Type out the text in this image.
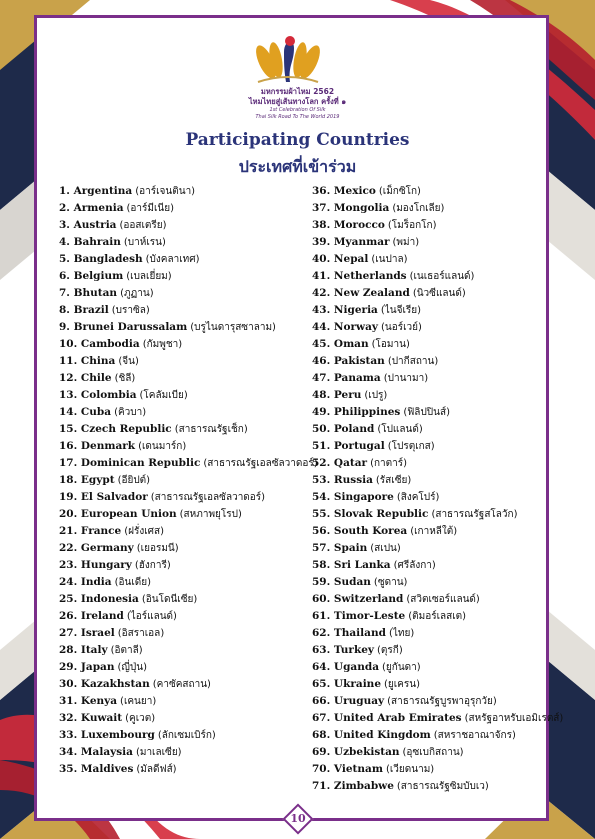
มหกรรมผ้าไหม 2562
ไหมไทยสู่เส้นทางโลก ครั้งที่ ๑
1st Celebration Of Silk
Thai Silk Road To The World 2019
Participating Countries
ประเทศที่เข้าร่วม
1. Argentina (อาร์เจนตินา)
2. Armenia (อาร์มีเนีย)
3. Austria (ออสเตรีย)
4. Bahrain (บาห์เรน)
5. Bangladesh (บังคลาเทศ)
6. Belgium (เบลเยี่ยม)
7. Bhutan (ภูฏาน)
8. Brazil (บราซิล)
9. Brunei Darussalam (บรูไนดารุสซาลาม)
10. Cambodia (กัมพูชา)
11. China (จีน)
12. Chile (ชิลี)
13. Colombia (โคลัมเบีย)
14. Cuba (คิวบา)
15. Czech Republic (สาธารณรัฐเช็ก)
16. Denmark (เดนมาร์ก)
17. Dominican Republic (สาธารณรัฐเอลซัลวาดอร์)
18. Egypt (อียิปต์)
19. El Salvador (สาธารณรัฐเอลซัลวาดอร์)
20. European Union (สหภาพยุโรป)
21. France (ฝรั่งเศส)
22. Germany (เยอรมนี)
23. Hungary (ฮังการี)
24. India (อินเดีย)
25. Indonesia (อินโดนีเซีย)
26. Ireland (ไอร์แลนด์)
27. Israel (อิสราเอล)
28. Italy (อิตาลี)
29. Japan (ญี่ปุ่น)
30. Kazakhstan (คาซัคสถาน)
31. Kenya (เคนยา)
32. Kuwait (คูเวต)
33. Luxembourg (ลักเซมเบิร์ก)
34. Malaysia (มาเลเซีย)
35. Maldives (มัลดีฟส์)
36. Mexico (เม็กซิโก)
37. Mongolia (มองโกเลีย)
38. Morocco (โมร็อกโก)
39. Myanmar (พม่า)
40. Nepal (เนปาล)
41. Netherlands (เนเธอร์แลนด์)
42. New Zealand (นิวซีแลนด์)
43. Nigeria (ไนจีเรีย)
44. Norway (นอร์เวย์)
45. Oman (โอมาน)
46. Pakistan (ปากีสถาน)
47. Panama (ปานามา)
48. Peru (เปรู)
49. Philippines (ฟิลิปปินส์)
50. Poland (โปแลนด์)
51. Portugal (โปรตุเกส)
52. Qatar (กาตาร์)
53. Russia (รัสเซีย)
54. Singapore (สิงคโปร์)
55. Slovak Republic (สาธารณรัฐสโลวัก)
56. South Korea (เกาหลีใต้)
57. Spain (สเปน)
58. Sri Lanka (ศรีลังกา)
59. Sudan (ซูดาน)
60. Switzerland (สวิตเซอร์แลนด์)
61. Timor-Leste (ติมอร์เลสเต)
62. Thailand (ไทย)
63. Turkey (ตุรกี)
64. Uganda (ยูกันดา)
65. Ukraine (ยูเครน)
66. Uruguay (สาธารณรัฐบูรพาอุรุกวัย)
67. United Arab Emirates (สหรัฐอาหรับเอมิเรตส์)
68. United Kingdom (สหราชอาณาจักร)
69. Uzbekistan (อุซเบกิสถาน)
70. Vietnam (เวียดนาม)
71. Zimbabwe (สาธารณรัฐซิมบับเว)
10
